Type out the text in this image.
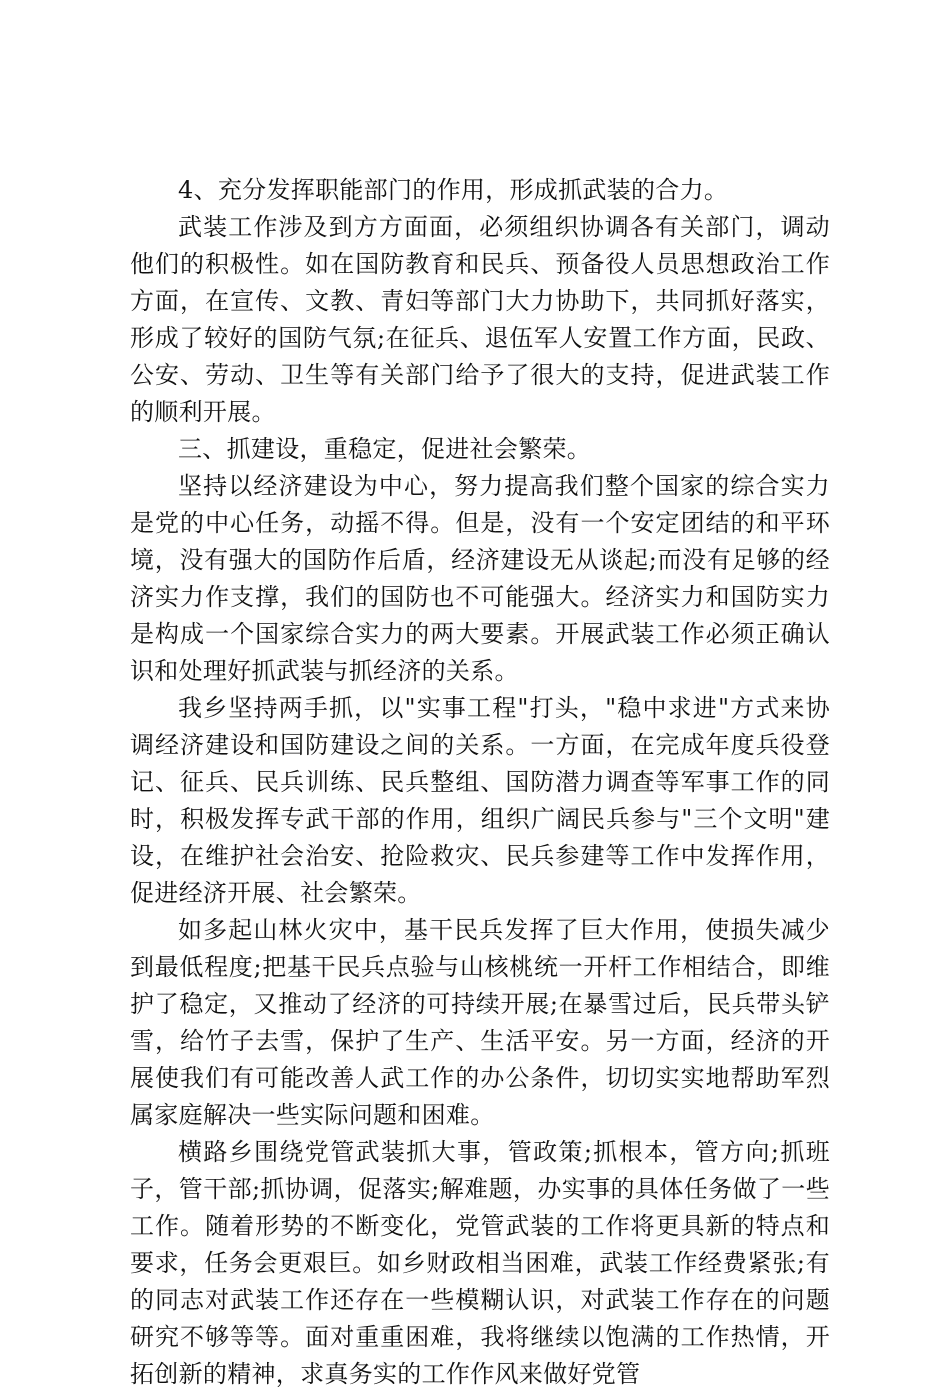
4、充分发挥职能部门的作用，形成抓武装的合力。

武装工作涉及到方方面面，必须组织协调各有关部门，调动他们的积极性。如在国防教育和民兵、预备役人员思想政治工作方面，在宣传、文教、青妇等部门大力协助下，共同抓好落实，形成了较好的国防气氛;在征兵、退伍军人安置工作方面，民政、公安、劳动、卫生等有关部门给予了很大的支持，促进武装工作的顺利开展。

三、抓建设，重稳定，促进社会繁荣。

坚持以经济建设为中心，努力提高我们整个国家的综合实力是党的中心任务，动摇不得。但是，没有一个安定团结的和平环境，没有强大的国防作后盾，经济建设无从谈起;而没有足够的经济实力作支撑，我们的国防也不可能强大。经济实力和国防实力是构成一个国家综合实力的两大要素。开展武装工作必须正确认识和处理好抓武装与抓经济的关系。

我乡坚持两手抓，以"实事工程"打头，"稳中求进"方式来协调经济建设和国防建设之间的关系。一方面，在完成年度兵役登记、征兵、民兵训练、民兵整组、国防潜力调查等军事工作的同时，积极发挥专武干部的作用，组织广阔民兵参与"三个文明"建设，在维护社会治安、抢险救灾、民兵参建等工作中发挥作用，促进经济开展、社会繁荣。

如多起山林火灾中，基干民兵发挥了巨大作用，使损失减少到最低程度;把基干民兵点验与山核桃统一开杆工作相结合，即维护了稳定，又推动了经济的可持续开展;在暴雪过后，民兵带头铲雪，给竹子去雪，保护了生产、生活平安。另一方面，经济的开展使我们有可能改善人武工作的办公条件，切切实实地帮助军烈属家庭解决一些实际问题和困难。

横路乡围绕党管武装抓大事，管政策;抓根本，管方向;抓班子，管干部;抓协调，促落实;解难题，办实事的具体任务做了一些工作。随着形势的不断变化，党管武装的工作将更具新的特点和要求，任务会更艰巨。如乡财政相当困难，武装工作经费紧张;有的同志对武装工作还存在一些模糊认识，对武装工作存在的问题研究不够等等。面对重重困难，我将继续以饱满的工作热情，开拓创新的精神，求真务实的工作作风来做好党管
